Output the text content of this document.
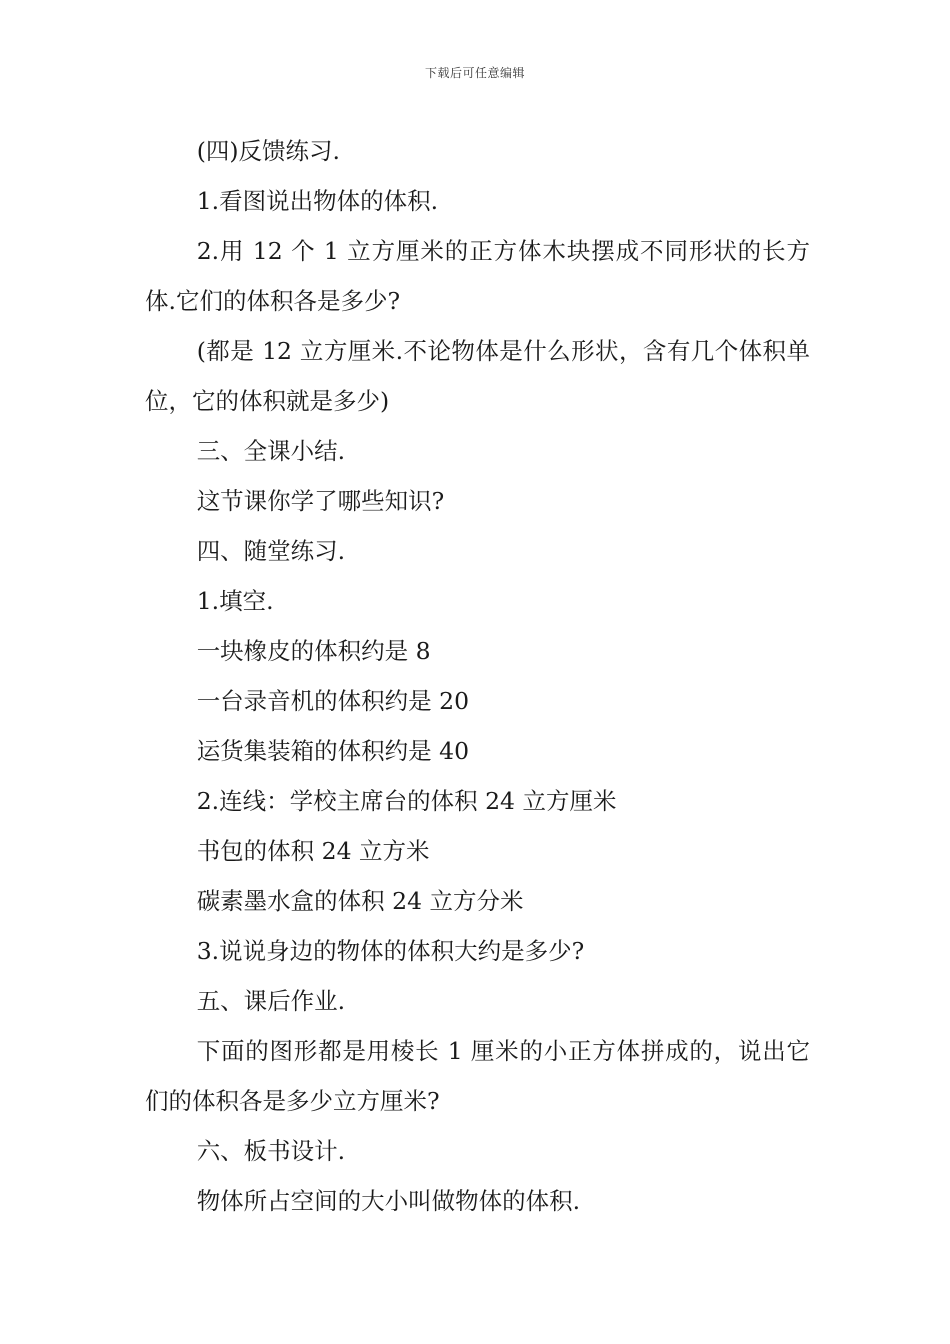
下载后可任意编辑

(四)反馈练习.

1.看图说出物体的体积.

2.用 12 个 1 立方厘米的正方体木块摆成不同形状的长方体.它们的体积各是多少?

(都是 12 立方厘米.不论物体是什么形状，含有几个体积单位，它的体积就是多少)

三、全课小结.

这节课你学了哪些知识?

四、随堂练习.

1.填空.

一块橡皮的体积约是 8

一台录音机的体积约是 20

运货集装箱的体积约是 40

2.连线：学校主席台的体积 24 立方厘米

书包的体积 24 立方米

碳素墨水盒的体积 24 立方分米

3.说说身边的物体的体积大约是多少?

五、课后作业.

下面的图形都是用棱长 1 厘米的小正方体拼成的，说出它们的体积各是多少立方厘米?

六、板书设计.

物体所占空间的大小叫做物体的体积.
